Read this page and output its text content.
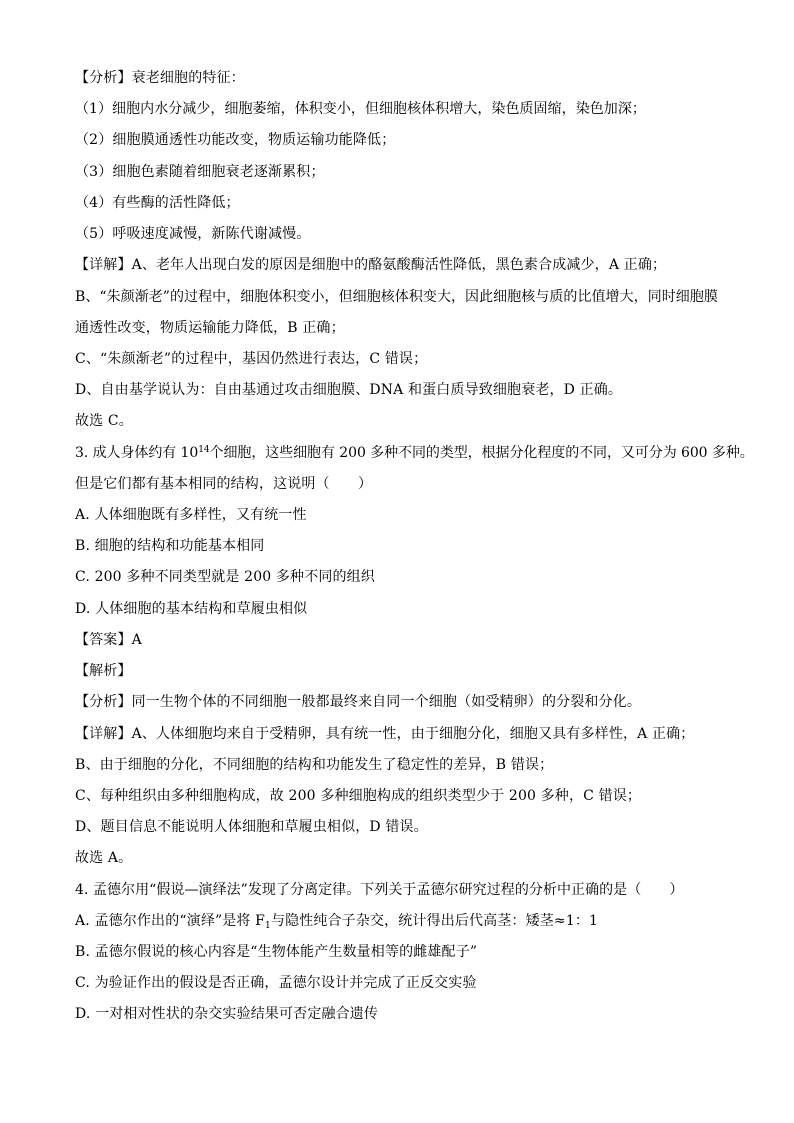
【分析】衰老细胞的特征：
（1）细胞内水分减少，细胞萎缩，体积变小，但细胞核体积增大，染色质固缩，染色加深；
（2）细胞膜通透性功能改变，物质运输功能降低；
（3）细胞色素随着细胞衰老逐渐累积；
（4）有些酶的活性降低；
（5）呼吸速度减慢，新陈代谢减慢。
【详解】A、老年人出现白发的原因是细胞中的酪氨酸酶活性降低，黑色素合成减少，A 正确；
B、“朱颜渐老”的过程中，细胞体积变小，但细胞核体积变大，因此细胞核与质的比值增大，同时细胞膜
通透性改变，物质运输能力降低，B 正确；
C、“朱颜渐老”的过程中，基因仍然进行表达，C 错误；
D、自由基学说认为：自由基通过攻击细胞膜、DNA 和蛋白质导致细胞衰老，D 正确。
故选 C。
3. 成人身体约有 $10^{14}$个细胞，这些细胞有 200 多种不同的类型，根据分化程度的不同，又可分为 600 多种。
但是它们都有基本相同的结构，这说明（　　）
A. 人体细胞既有多样性，又有统一性
B. 细胞的结构和功能基本相同
C. 200 多种不同类型就是 200 多种不同的组织
D. 人体细胞的基本结构和草履虫相似
【答案】A
【解析】
【分析】同一生物个体的不同细胞一般都最终来自同一个细胞（如受精卵）的分裂和分化。
【详解】A、人体细胞均来自于受精卵，具有统一性，由于细胞分化，细胞又具有多样性，A 正确；
B、由于细胞的分化，不同细胞的结构和功能发生了稳定性的差异，B 错误；
C、每种组织由多种细胞构成，故 200 多种细胞构成的组织类型少于 200 多种，C 错误；
D、题目信息不能说明人体细胞和草履虫相似，D 错误。
故选 A。
4. 孟德尔用“假说—演绎法”发现了分离定律。下列关于孟德尔研究过程的分析中正确的是（　　）
A. 孟德尔作出的“演绎”是将 $F_1$与隐性纯合子杂交，统计得出后代高茎：矮茎≈1：1
B. 孟德尔假说的核心内容是“生物体能产生数量相等的雌雄配子”
C. 为验证作出的假设是否正确，孟德尔设计并完成了正反交实验
D. 一对相对性状的杂交实验结果可否定融合遗传
